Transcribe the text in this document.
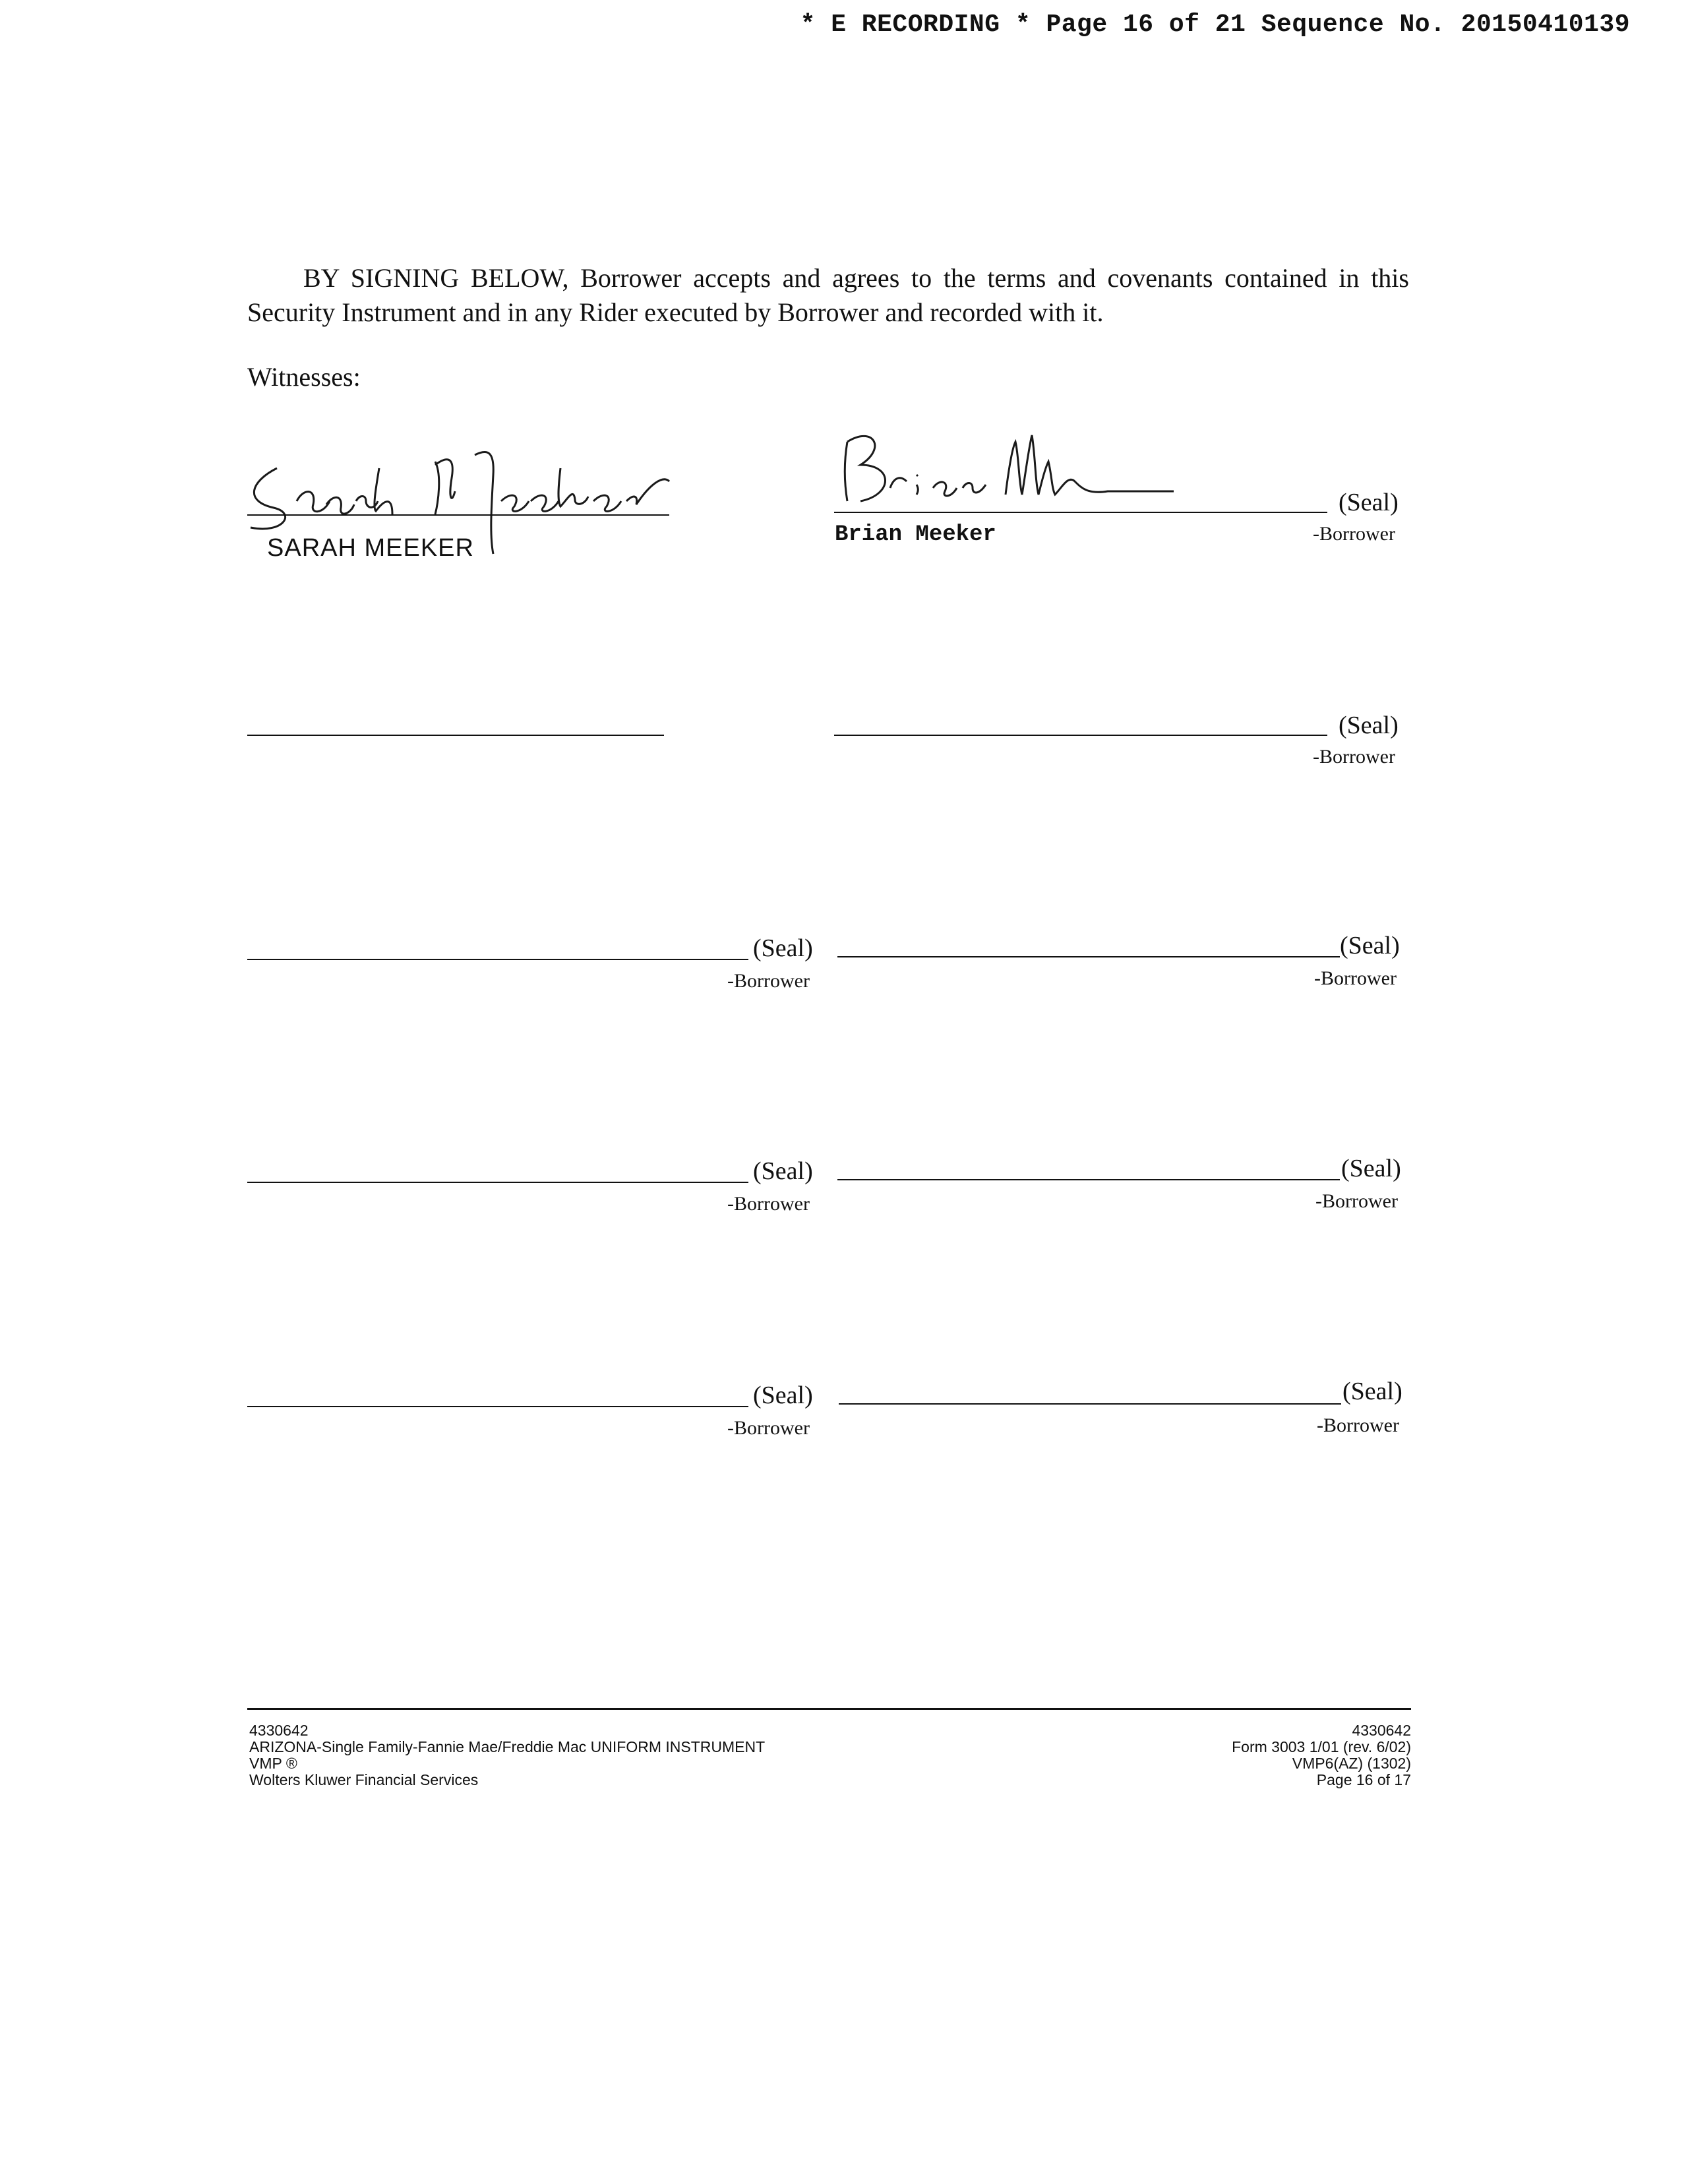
* E RECORDING * Page 16 of 21 Sequence No. 20150410139

BY SIGNING BELOW, Borrower accepts and agrees to the terms and covenants contained in this Security Instrument and in any Rider executed by Borrower and recorded with it.

Witnesses:
SARAH MEEKER
(Seal)
-Borrower
Brian Meeker
(Seal)
-Borrower
(Seal)
-Borrower
(Seal)
-Borrower
(Seal)
-Borrower
(Seal)
-Borrower
(Seal)
-Borrower
(Seal)
-Borrower
4330642
ARIZONA-Single Family-Fannie Mae/Freddie Mac UNIFORM INSTRUMENT
VMP ®
Wolters Kluwer Financial Services
4330642
Form 3003 1/01 (rev. 6/02)
VMP6(AZ) (1302)
Page 16 of 17
